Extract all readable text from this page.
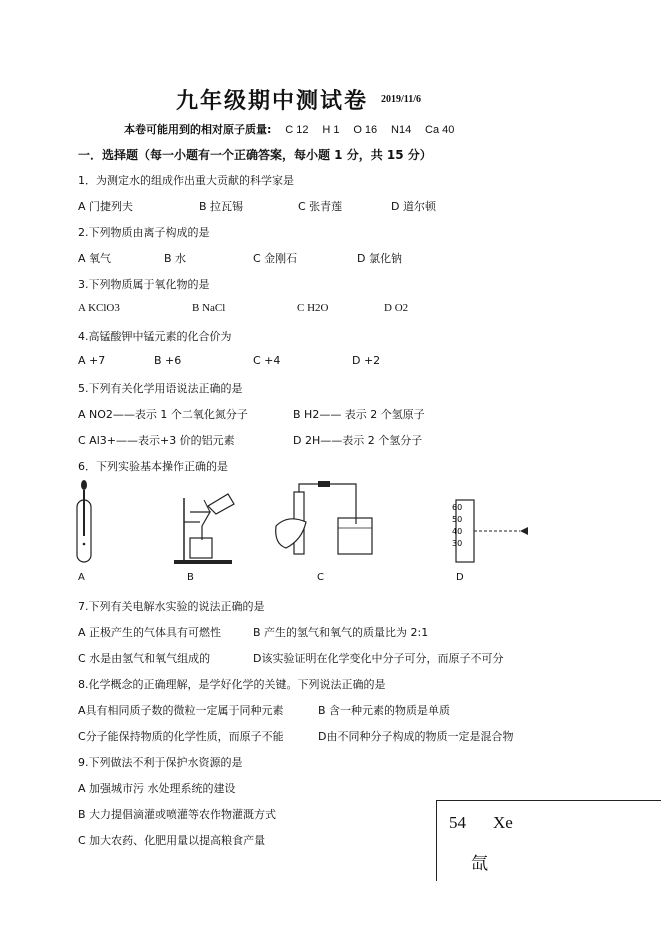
九年级期中测试卷 2019/11/6
本卷可能用到的相对原子质量: C 12 H 1 O 16 N14 Ca 40
一．选择题（每一小题有一个正确答案，每小题 1 分，共 15 分）
1．为测定水的组成作出重大贡献的科学家是
A 门捷列夫	B 拉瓦锡	C 张青莲	D 道尔顿
2.下列物质由离子构成的是
A 氧气	B 水	C 金刚石	D 氯化钠
3.下列物质属于氧化物的是
A KClO3	B NaCl	C H2O	D O2
4.高锰酸钾中锰元素的化合价为
A +7	B +6	C +4	D +2
5.下列有关化学用语说法正确的是
A NO2——表示 1 个二氧化氮分子	B H2—— 表示 2 个氢原子
C Al3+——表示+3 价的铝元素	D 2H——表示 2 个氢分子
6．下列实验基本操作正确的是
60
50
40
30
A	B	C	D
7.下列有关电解水实验的说法正确的是
A 正极产生的气体具有可燃性	B 产生的氢气和氧气的质量比为 2:1
C 水是由氢气和氧气组成的	D该实验证明在化学变化中分子可分，而原子不可分
8.化学概念的正确理解，是学好化学的关键。下列说法正确的是
A具有相同质子数的微粒一定属于同种元素	B 含一种元素的物质是单质
C分子能保持物质的化学性质，而原子不能	D由不同种分子构成的物质一定是混合物
9.下列做法不利于保护水资源的是
A 加强城市污 水处理系统的建设
B 大力提倡滴灌或喷灌等农作物灌溉方式
C 加大农药、化肥用量以提高粮食产量
54 Xe
氙
